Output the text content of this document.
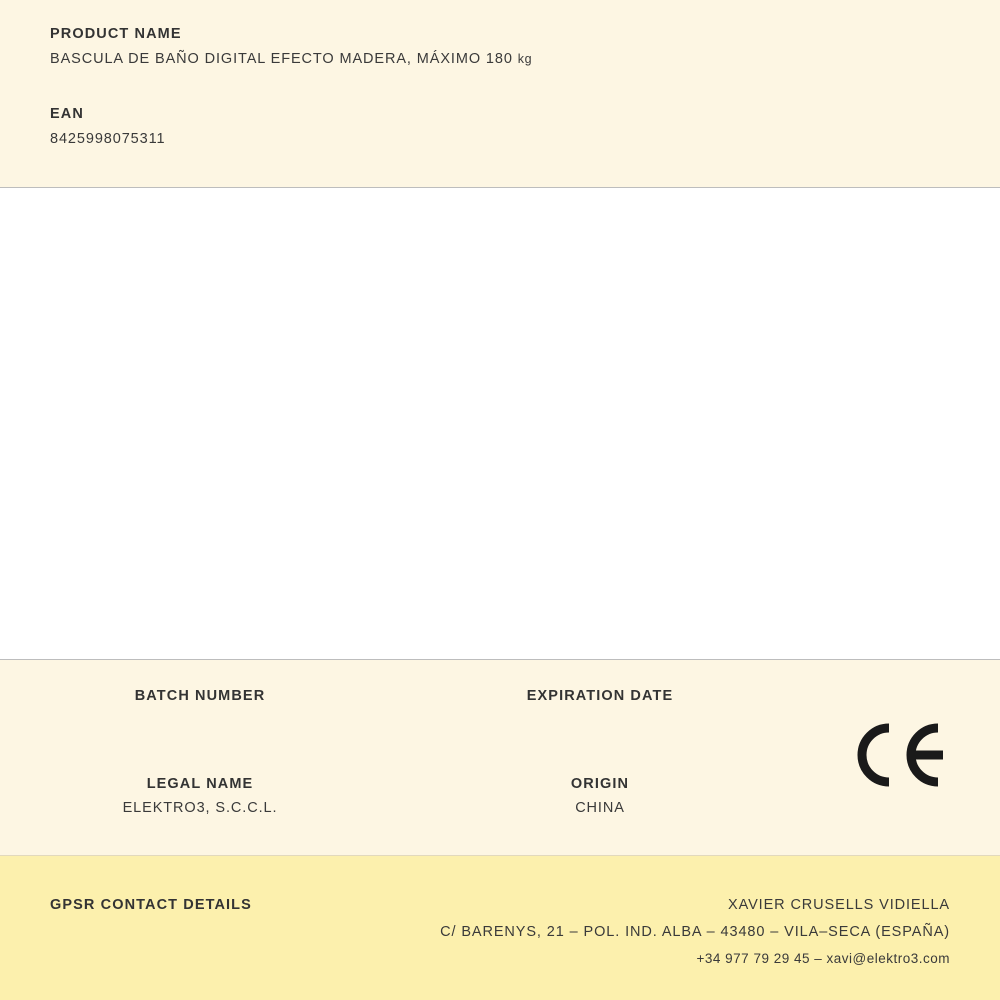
PRODUCT NAME

BASCULA DE BAÑO DIGITAL EFECTO MADERA, MÁXIMO 180 kg

EAN

8425998075311

BATCH NUMBER	EXPIRATION DATE

LEGAL NAME

ELEKTRO3, S.C.C.L.

ORIGIN

CHINA

GPSR CONTACT DETAILS	XAVIER CRUSELLS VIDIELLA

C/ BARENYS, 21 – POL. IND. ALBA – 43480 – VILA–SECA (ESPAÑA)

+34 977 79 29 45 – xavi@elektro3.com
